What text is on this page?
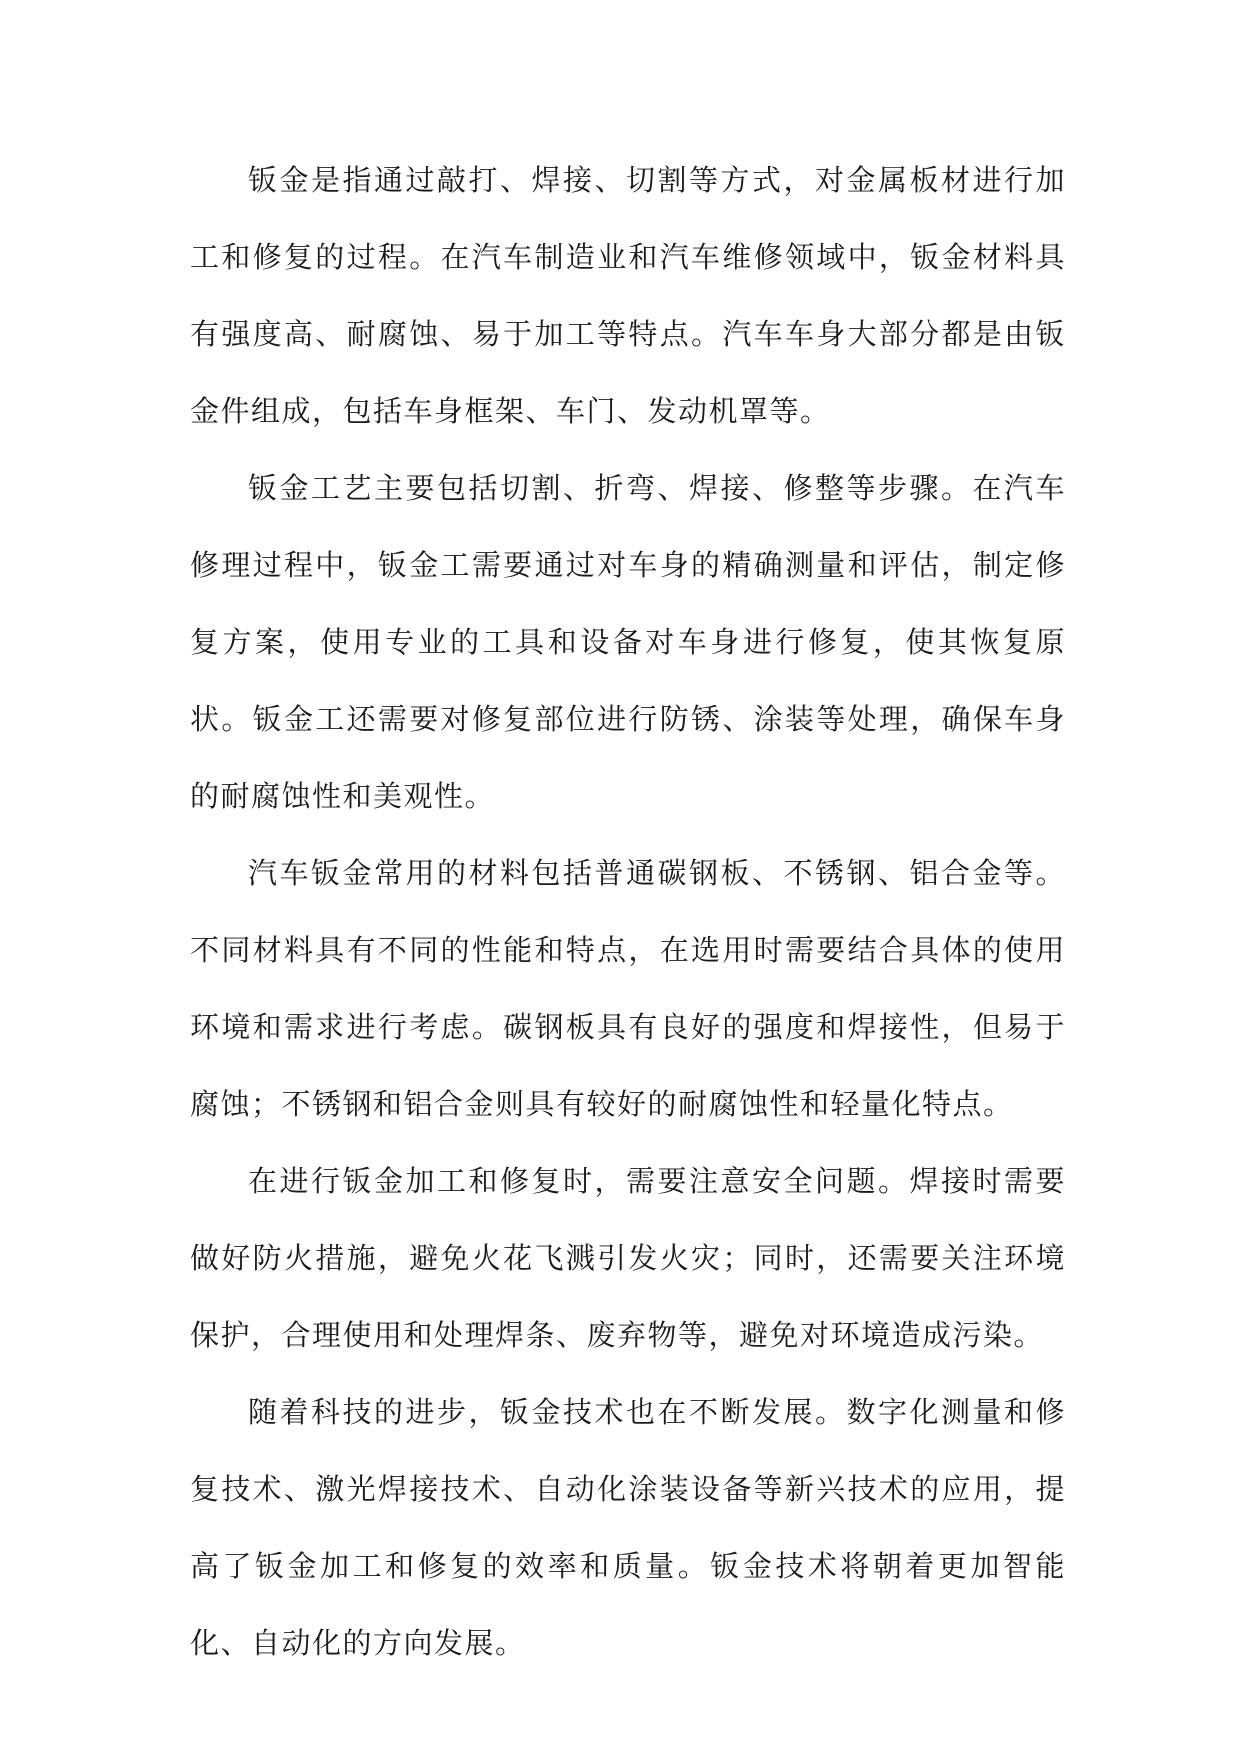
钣金是指通过敲打、焊接、切割等方式，对金属板材进行加工和修复的过程。在汽车制造业和汽车维修领域中，钣金材料具有强度高、耐腐蚀、易于加工等特点。汽车车身大部分都是由钣金件组成，包括车身框架、车门、发动机罩等。

钣金工艺主要包括切割、折弯、焊接、修整等步骤。在汽车修理过程中，钣金工需要通过对车身的精确测量和评估，制定修复方案，使用专业的工具和设备对车身进行修复，使其恢复原状。钣金工还需要对修复部位进行防锈、涂装等处理，确保车身的耐腐蚀性和美观性。

汽车钣金常用的材料包括普通碳钢板、不锈钢、铝合金等。不同材料具有不同的性能和特点，在选用时需要结合具体的使用环境和需求进行考虑。碳钢板具有良好的强度和焊接性，但易于腐蚀；不锈钢和铝合金则具有较好的耐腐蚀性和轻量化特点。

在进行钣金加工和修复时，需要注意安全问题。焊接时需要做好防火措施，避免火花飞溅引发火灾；同时，还需要关注环境保护，合理使用和处理焊条、废弃物等，避免对环境造成污染。

随着科技的进步，钣金技术也在不断发展。数字化测量和修复技术、激光焊接技术、自动化涂装设备等新兴技术的应用，提高了钣金加工和修复的效率和质量。钣金技术将朝着更加智能化、自动化的方向发展。
